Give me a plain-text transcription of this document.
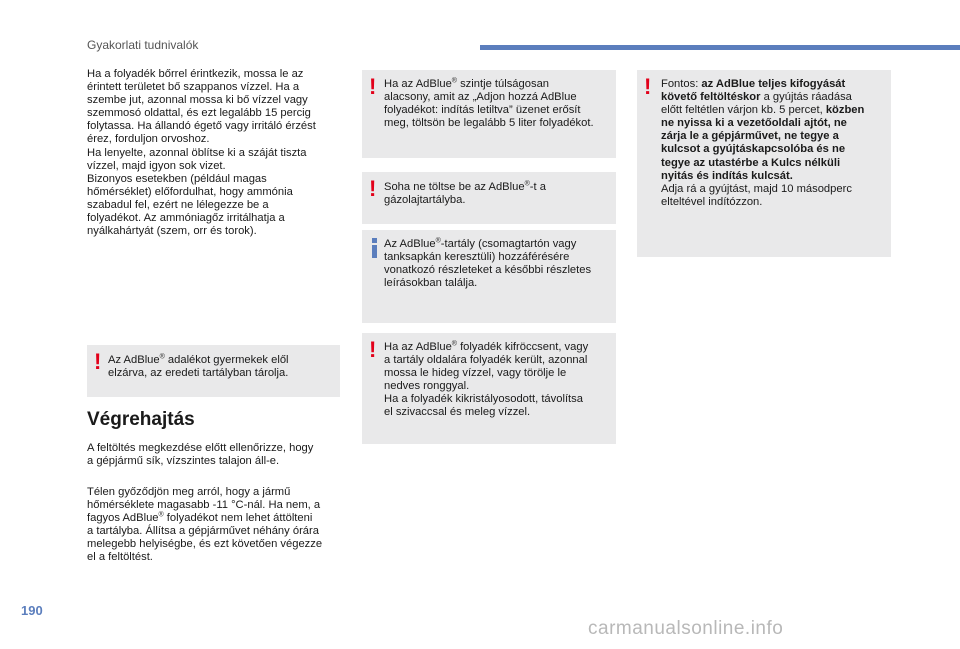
Gyakorlati tudnivalók

Ha a folyadék bőrrel érintkezik, mossa le az
érintett területet bő szappanos vízzel. Ha a
szembe jut, azonnal mossa ki bő vízzel vagy
szemmosó oldattal, és ezt legalább 15 percig
folytassa. Ha állandó égető vagy irritáló érzést
érez, forduljon orvoshoz.
Ha lenyelte, azonnal öblítse ki a száját tiszta
vízzel, majd igyon sok vizet.
Bizonyos esetekben (például magas
hőmérséklet) előfordulhat, hogy ammónia
szabadul fel, ezért ne lélegezze be a
folyadékot. Az ammóniagőz irritálhatja a
nyálkahártyát (szem, orr és torok).

! Az AdBlue® adalékot gyermekek elől
elzárva, az eredeti tartályban tárolja.

Végrehajtás

A feltöltés megkezdése előtt ellenőrizze, hogy
a gépjármű sík, vízszintes talajon áll-e.

Télen győződjön meg arról, hogy a jármű
hőmérséklete magasabb -11 °C-nál. Ha nem, a
fagyos AdBlue® folyadékot nem lehet áttölteni
a tartályba. Állítsa a gépjárművet néhány órára
melegebb helyiségbe, és ezt követően végezze
el a feltöltést.

! Ha az AdBlue® szintje túlságosan
alacsony, amit az „Adjon hozzá AdBlue
folyadékot: indítás letiltva” üzenet erősít
meg, töltsön be legalább 5 liter folyadékot.

! Soha ne töltse be az AdBlue®-t a
gázolajtartályba.

Az AdBlue®-tartály (csomagtartón vagy
tanksapkán keresztüli) hozzáférésére
vonatkozó részleteket a későbbi részletes
leírásokban találja.

! Ha az AdBlue® folyadék kifröccsent, vagy
a tartály oldalára folyadék került, azonnal
mossa le hideg vízzel, vagy törölje le
nedves ronggyal.
Ha a folyadék kikristályosodott, távolítsa
el szivaccsal és meleg vízzel.

! Fontos: az AdBlue teljes kifogyását
követő feltöltéskor a gyújtás ráadása
előtt feltétlen várjon kb. 5 percet, közben
ne nyissa ki a vezetőoldali ajtót, ne
zárja le a gépjárművet, ne tegye a
kulcsot a gyújtáskapcsolóba és ne
tegye az utastérbe a Kulcs nélküli
nyitás és indítás kulcsát.
Adja rá a gyújtást, majd 10 másodperc
elteltével indítózzon.

190
carmanualsonline.info
